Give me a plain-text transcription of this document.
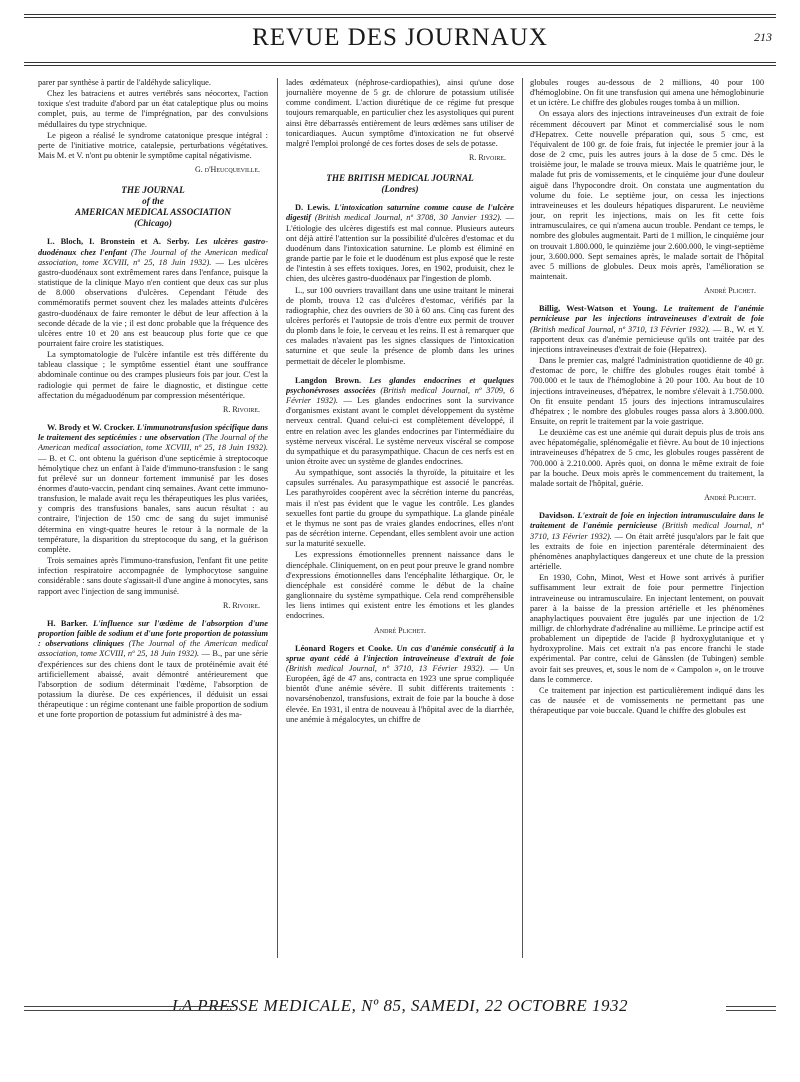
REVUE DES JOURNAUX	213

parer par synthèse à partir de l'aldéhyde salicylique.

Chez les batraciens et autres vertébrés sans néocortex, l'action toxique s'est traduite d'abord par un état cataleptique plus ou moins complet, puis, au terme de l'imprégnation, par des convulsions médullaires du type strychnique.

Le pigeon a réalisé le syndrome catatonique presque intégral : perte de l'initiative motrice, catalepsie, perturbations végétatives. Mais M. et V. n'ont pu obtenir le symptôme capital négativisme.

G. d'Heucqueville.
THE JOURNAL
of the
AMERICAN MEDICAL ASSOCIATION
(Chicago)

L. Bloch, I. Bronstein et A. Serby. Les ulcères gastro-duodénaux chez l'enfant (The Journal of the American medical association, tome XCVIII, nº 25, 18 Juin 1932). — Les ulcères gastro-duodénaux sont extrêmement rares dans l'enfance, puisque la statistique de la clinique Mayo n'en contient que deux cas sur plus de 8.000 observations d'ulcères. Cependant l'étude des commémoratifs permet souvent chez les malades atteints d'ulcères gastro-duodénaux de faire remonter le début de leur affection à la seconde décade de la vie ; il est donc probable que la fréquence des ulcères entre 10 et 20 ans est beaucoup plus forte que ce que pourraient faire croire les statistiques.

La symptomatologie de l'ulcère infantile est très différente du tableau classique ; le symptôme essentiel étant une souffrance abdominale continue ou des crampes plusieurs fois par jour. C'est la radiologie qui permet de faire le diagnostic, et distingue cette affectation du mégaduodénum par compression mésentérique.

R. Rivoire.

W. Brody et W. Crocker. L'immunotransfusion spécifique dans le traitement des septicémies : une observation (The Journal of the American medical association, tome XCVIII, nº 25, 18 Juin 1932). — B. et C. ont obtenu la guérison d'une septicémie à streptocoque hémolytique chez un enfant à l'aide d'immuno-transfusion : le sang fut prélevé sur un donneur fortement immunisé par les doses énormes d'auto-vaccin, pendant cinq semaines. Avant cette immuno-transfusion, le malade avait reçu les thérapeutiques les plus variées, y compris des transfusions banales, sans aucun résultat : au contraire, l'injection de 150 cmc de sang du sujet immunisé détermina en vingt-quatre heures le retour à la normale de la température, la disparition du streptocoque du sang, et la guérison complète.

Trois semaines après l'immuno-transfusion, l'enfant fit une petite infection respiratoire accompagnée de lymphocytose sanguine considérable : sans doute s'agissait-il d'une angine à monocytes, sans rapport avec l'injection de sang immunisé.

R. Rivoire.

H. Barker. L'influence sur l'œdème de l'absorption d'une proportion faible de sodium et d'une forte proportion de potassium : observations cliniques (The Journal of the American medical association, tome XCVIII, nº 25, 18 Juin 1932). — B., par une série d'expériences sur des chiens dont le taux de protéinémie avait été artificiellement abaissé, avait démontré antérieurement que l'absorption de sodium déterminait l'œdème, l'absorption de potassium la diurèse. De ces expériences, il déduisit un essai thérapeutique : un régime contenant une faible proportion de sodium et une forte proportion de potassium fut administré à des ma-

lades œdémateux (néphrose-cardiopathies), ainsi qu'une dose journalière moyenne de 5 gr. de chlorure de potassium utilisée comme condiment. L'action diurétique de ce régime fut presque toujours remarquable, en particulier chez les asystoliques qui purent ainsi être débarrassés entièrement de leurs œdèmes sans utiliser de tonicardiaques. Aucun symptôme d'intoxication ne fut observé malgré l'emploi prolongé de ces fortes doses de sels de potasse.

R. Rivoire.
THE BRITISH MEDICAL JOURNAL
(Londres)

D. Lewis. L'intoxication saturnine comme cause de l'ulcère digestif (British medical Journal, nº 3708, 30 Janvier 1932). — L'étiologie des ulcères digestifs est mal connue. Plusieurs auteurs ont déjà attiré l'attention sur la possibilité d'ulcères d'estomac et du duodénum dans l'intoxication saturnine. Le plomb est éliminé en grande partie par le foie et le duodénum est plus exposé que le reste de l'intestin à ses effets toxiques. Jores, en 1902, produisit, chez le chien, des ulcères gastro-duodénaux par l'ingestion de plomb.

L., sur 100 ouvriers travaillant dans une usine traitant le minerai de plomb, trouva 12 cas d'ulcères d'estomac, vérifiés par la radiographie, chez des ouvriers de 30 à 60 ans. Cinq cas furent des ulcères perforés et l'autopsie de trois d'entre eux permit de trouver du plomb dans le foie, le cerveau et les reins. Il est à remarquer que ces malades n'avaient pas les signes classiques de l'intoxication saturnine et que seule la présence de plomb dans les urines permettait de déceler le plombisme.

Langdon Brown. Les glandes endocrines et quelques psychonévroses associées (British medical Journal, nº 3709, 6 Février 1932). — Les glandes endocrines sont la survivance d'organismes existant avant le complet développement du système nerveux central. Quand celui-ci est complètement développé, il entre en relation avec les glandes endocrines par l'intermédiaire du système nerveux viscéral. Le système nerveux viscéral se compose du sympathique et du parasympathique. Chacun de ces nerfs est en union étroite avec un système de glandes endocrines.

Au sympathique, sont associés la thyroïde, la pituitaire et les capsules surrénales. Au parasympathique est associé le pancréas. Les parathyroïdes coopèrent avec la sécrétion interne du pancréas, mais il n'est pas évident que le vague les contrôle. Les glandes sexuelles font partie du groupe du sympathique. La glande pinéale et le thymus ne sont pas de vraies glandes endocrines, elles n'ont pas de sécrétion interne. Cependant, elles semblent avoir une action sur la maturité sexuelle.

Les expressions émotionnelles prennent naissance dans le diencéphale. Cliniquement, on en peut pour preuve le grand nombre d'expressions émotionnelles dans l'encéphalite léthargique. Or, le diencéphale est considéré comme le début de la chaîne ganglionnaire du système sympathique. Cela rend compréhensible les liens intimes qui existent entre les émotions et les glandes endocrines.

André Plichet.

Léonard Rogers et Cooke. Un cas d'anémie consécutif à la sprue ayant cédé à l'injection intraveineuse d'extrait de foie (British medical Journal, nº 3710, 13 Février 1932). — Un Européen, âgé de 47 ans, contracta en 1923 une sprue compliquée bientôt d'une anémie sévère. Il subit différents traitements : novarsénobenzol, transfusions, extrait de foie par la bouche à dose élevée. En 1931, il entra de nouveau à l'hôpital avec de la diarrhée, une anémie à mégalocytes, un chiffre de

globules rouges au-dessous de 2 millions, 40 pour 100 d'hémoglobine. On fit une transfusion qui amena une hémoglobinurie et un ictère. Le chiffre des globules rouges tomba à un million.

On essaya alors des injections intraveineuses d'un extrait de foie récemment découvert par Minot et commercialisé sous le nom d'Hepatrex. Cette nouvelle préparation qui, sous 5 cmc, est l'équivalent de 100 gr. de foie frais, fut injectée le premier jour à la dose de 2 cmc, puis les autres jours à la dose de 5 cmc. Dès le troisième jour, le malade se trouva mieux. Mais le quatrième jour, le malade fut pris de vomissements, et le cinquième jour d'une douleur aiguë dans l'hypocondre droit. On constata une augmentation du volume du foie. Le septième jour, on cessa les injections intraveineuses et les douleurs hépatiques disparurent. Le neuvième jour, on reprit les injections, mais on les fit cette fois intramusculaires, ce qui n'amena aucun trouble. Pendant ce temps, le nombre des globules augmentait. Parti de 1 million, le cinquième jour on trouvait 1.800.000, le quinzième jour 2.600.000, le vingt-septième jour, 3.600.000. Sept semaines après, le malade sortait de l'hôpital avec 5 millions de globules. Deux mois après, l'amélioration se maintenait.

André Plichet.

Billig, West-Watson et Young. Le traitement de l'anémie pernicieuse par les injections intraveineuses d'extrait de foie (British medical Journal, nº 3710, 13 Février 1932). — B., W. et Y. rapportent deux cas d'anémie pernicieuse qu'ils ont traitée par des injections intraveineuses d'extrait de foie (Hepatrex).

Dans le premier cas, malgré l'administration quotidienne de 40 gr. d'estomac de porc, le chiffre des globules rouges était tombé à 700.000 et le taux de l'hémoglobine à 20 pour 100. Au bout de 10 injections intraveineuses, d'hépatrex, le nombre s'élevait à 1.750.000. On fit ensuite pendant 15 jours des injections intramusculaires d'hépatrex ; le nombre des globules rouges passa alors à 3.800.000. Ensuite, on reprit le traitement par la voie gastrique.

Le deuxième cas est une anémie qui durait depuis plus de trois ans avec hépatomégalie, splénomégalie et fièvre. Au bout de 10 injections intraveineuses d'hépatrex de 5 cmc, les globules rouges passèrent de 700.000 à 2.210.000. Après quoi, on donna le même extrait de foie par la bouche. Deux mois après le commencement du traitement, la malade sortait de l'hôpital, guérie.

André Plichet.

Davidson. L'extrait de foie en injection intramusculaire dans le traitement de l'anémie pernicieuse (British medical Journal, nº 3710, 13 Février 1932). — On était arrêté jusqu'alors par le fait que les extraits de foie en injection parentérale déterminaient des phénomènes anaphylactiques dangereux et une chute de la pression artérielle.

En 1930, Cohn, Minot, West et Howe sont arrivés à purifier suffisamment leur extrait de foie pour permettre l'injection intraveineuse ou intramusculaire. En injectant lentement, on pouvait parer à la baisse de la pression artérielle et les phénomènes anaphylactiques pouvaient être jugulés par une injection de 1/2 milligr. de chlorhydrate d'adrénaline au millième. Le principe actif est probablement un dipeptide de l'acide β hydroxyglutanique et γ hydroxyproline. Mais cet extrait n'a pas encore franchi le stade expérimental. Par contre, celui de Gänsslen (de Tubingen) semble avoir fait ses preuves, et, sous le nom de « Campolon », on le trouve dans le commerce.

Ce traitement par injection est particulièrement indiqué dans les cas de nausée et de vomissements ne permettant pas une thérapeutique par voie buccale. Quand le chiffre des globules est

LA PRESSE MEDICALE, Nº 85, SAMEDI, 22 OCTOBRE 1932
